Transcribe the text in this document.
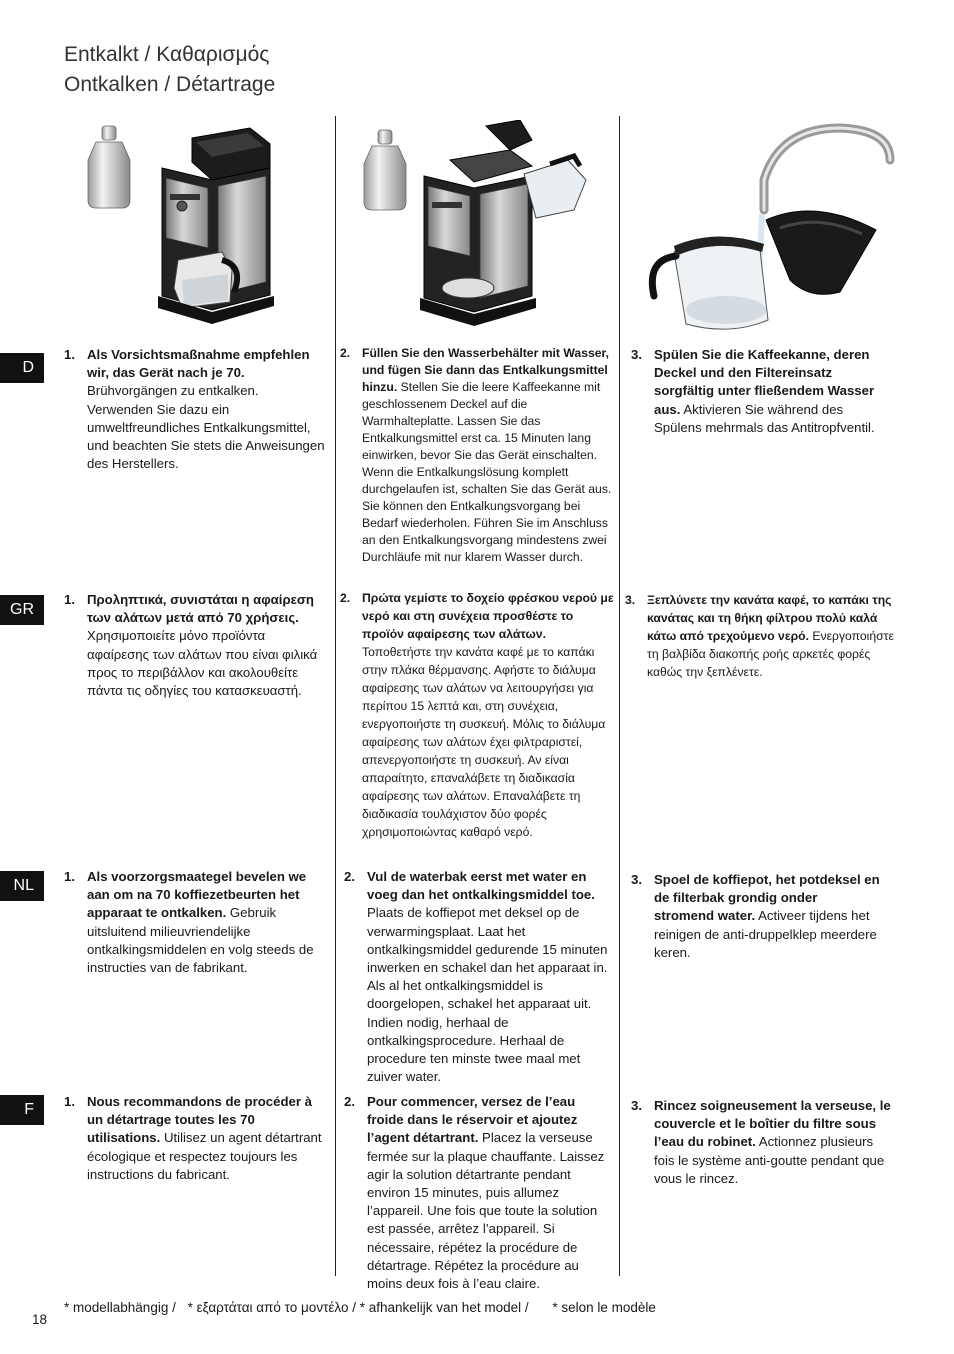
Entkalkt / Καθαρισμός
Ontkalken / Détartrage
D
GR
NL
F
1. Als Vorsichtsmaßnahme empfehlen wir, das Gerät nach je 70. Brühvorgängen zu entkalken. Verwenden Sie dazu ein umweltfreundliches Entkalkungsmittel, und beachten Sie stets die Anweisungen des Herstellers.
2. Füllen Sie den Wasserbehälter mit Wasser, und fügen Sie dann das Entkalkungsmittel hinzu. Stellen Sie die leere Kaffeekanne mit geschlossenem Deckel auf die Warmhalteplatte. Lassen Sie das Entkalkungsmittel erst ca. 15 Minuten lang einwirken, bevor Sie das Gerät einschalten. Wenn die Entkalkungslösung komplett durchgelaufen ist, schalten Sie das Gerät aus. Sie können den Entkalkungsvorgang bei Bedarf wiederholen. Führen Sie im Anschluss an den Entkalkungsvorgang mindestens zwei Durchläufe mit nur klarem Wasser durch.
3. Spülen Sie die Kaffeekanne, deren Deckel und den Filtereinsatz sorgfältig unter fließendem Wasser aus. Aktivieren Sie während des Spülens mehrmals das Antitropfventil.
1. Προληπτικά, συνιστάται η αφαίρεση των αλάτων μετά από 70 χρήσεις. Χρησιμοποιείτε μόνο προϊόντα αφαίρεσης των αλάτων που είναι φιλικά προς το περιβάλλον και ακολουθείτε πάντα τις οδηγίες του κατασκευαστή.
2. Πρώτα γεμίστε το δοχείο φρέσκου νερού με νερό και στη συνέχεια προσθέστε το προϊόν αφαίρεσης των αλάτων. Τοποθετήστε την κανάτα καφέ με το καπάκι στην πλάκα θέρμανσης. Αφήστε το διάλυμα αφαίρεσης των αλάτων να λειτουργήσει για περίπου 15 λεπτά και, στη συνέχεια, ενεργοποιήστε τη συσκευή. Μόλις το διάλυμα αφαίρεσης των αλάτων έχει φιλτραριστεί, απενεργοποιήστε τη συσκευή. Αν είναι απαραίτητο, επαναλάβετε τη διαδικασία αφαίρεσης των αλάτων. Επαναλάβετε τη διαδικασία τουλάχιστον δύο φορές χρησιμοποιώντας καθαρό νερό.
3. Ξεπλύνετε την κανάτα καφέ, το καπάκι της κανάτας και τη θήκη φίλτρου πολύ καλά κάτω από τρεχούμενο νερό. Ενεργοποιήστε τη βαλβίδα διακοπής ροής αρκετές φορές καθώς την ξεπλένετε.
1. Als voorzorgsmaategel bevelen we aan om na 70 koffiezetbeurten het apparaat te ontkalken. Gebruik uitsluitend milieuvriendelijke ontkalkingsmiddelen en volg steeds de instructies van de fabrikant.
2. Vul de waterbak eerst met water en voeg dan het ontkalkingsmiddel toe. Plaats de koffiepot met deksel op de verwarmingsplaat. Laat het ontkalkingsmiddel gedurende 15 minuten inwerken en schakel dan het apparaat in. Als al het ontkalkingsmiddel is doorgelopen, schakel het apparaat uit. Indien nodig, herhaal de ontkalkingsprocedure. Herhaal de procedure ten minste twee maal met zuiver water.
3. Spoel de koffiepot, het potdeksel en de filterbak grondig onder stromend water. Activeer tijdens het reinigen de anti-druppelklep meerdere keren.
1. Nous recommandons de procéder à un détartrage toutes les 70 utilisations. Utilisez un agent détartrant écologique et respectez toujours les instructions du fabricant.
2. Pour commencer, versez de l’eau froide dans le réservoir et ajoutez l’agent détartrant. Placez la verseuse fermée sur la plaque chauffante. Laissez agir la solution détartrante pendant environ 15 minutes, puis allumez l’appareil. Une fois que toute la solution est passée, arrêtez l’appareil. Si nécessaire, répétez la procédure de détartrage. Répétez la procédure au moins deux fois à l’eau claire.
3. Rincez soigneusement la verseuse, le couvercle et le boîtier du filtre sous l’eau du robinet. Actionnez plusieurs fois le système anti-goutte pendant que vous le rincez.
* modellabhängig / * εξαρτάται από το μοντέλο / * afhankelijk van het model / * selon le modèle
18
